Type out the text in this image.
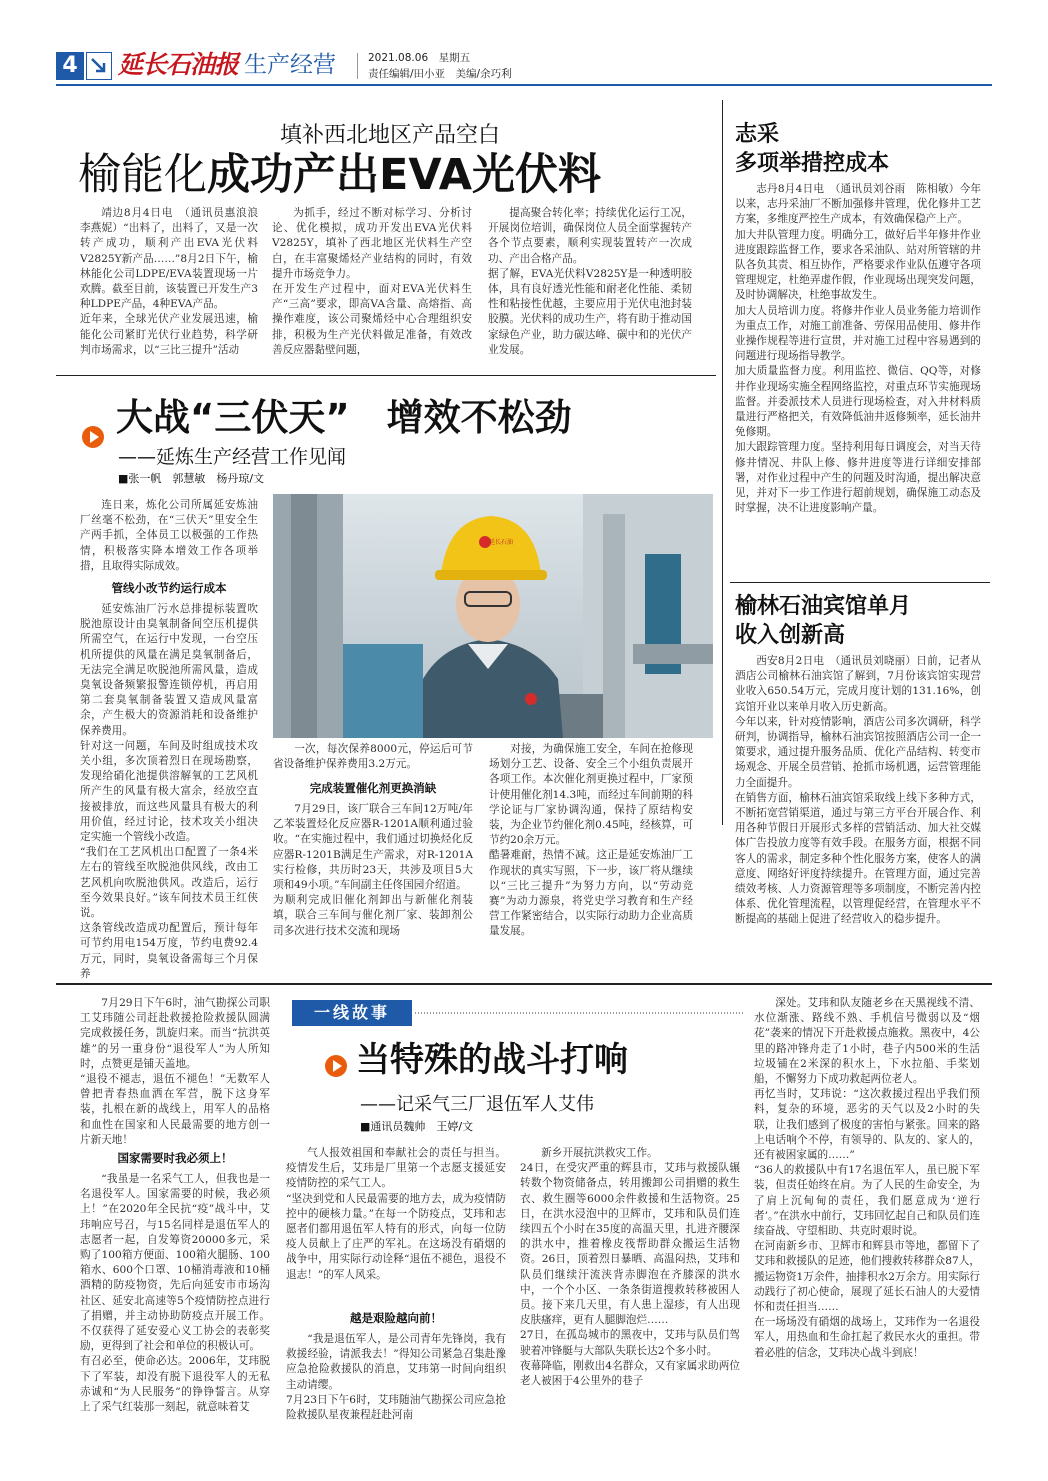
4 延长石油报 生产经营	2021.08.06　 星期五
责任编辑/田小亚　美编/余巧利
填补西北地区产品空白
榆能化成功产出EVA光伏料
靖边8月4日电　（通讯员惠浪浪　李燕妮）“出料了，出料了，又是一次转产成功，顺利产出EVA光伏料V2825Y新产品……”8月2日下午，榆林能化公司LDPE/EVA装置现场一片欢腾。截至目前，该装置已开发生产3种LDPE产品，4种EVA产品。
近年来，全球光伏产业发展迅速，榆能化公司紧盯光伏行业趋势，科学研判市场需求，以“三比三提升”活动
为抓手，经过不断对标学习、分析讨论、优化模拟，成功开发出EVA光伏料V2825Y，填补了西北地区光伏料生产空白，在丰富聚烯烃产业结构的同时，有效提升市场竞争力。
在开发生产过程中，面对EVA光伏料生产“三高”要求，即高VA含量、高熔指、高操作难度，该公司聚烯烃中心合理组织安排，积极为生产光伏料做足准备，有效改善反应器黏壁问题，
提高聚合转化率；持续优化运行工况，开展岗位培训，确保岗位人员全面掌握转产各个节点要素，顺利实现装置转产一次成功、产出合格产品。
据了解，EVA光伏料V2825Y是一种透明胶体，具有良好透光性能和耐老化性能、柔韧性和粘接性优越，主要应用于光伏电池封装胶膜。光伏料的成功生产，将有助于推动国家绿色产业，助力碳达峰、碳中和的光伏产业发展。
大战“三伏天”　增效不松劲
——延炼生产经营工作见闻
■张一帆　郭慧敏　杨丹琼/文
连日来，炼化公司所属延安炼油厂丝毫不松劲，在“三伏天”里安全生产两手抓，全体员工以极强的工作热情，积极落实降本增效工作各项举措，且取得实际成效。
管线小改节约运行成本
延安炼油厂污水总排提标装置吹脱池原设计由臭氧制备间空压机提供所需空气，在运行中发现，一台空压机所提供的风量在满足臭氧制备后，无法完全满足吹脱池所需风量，造成臭氧设备频繁报警连锁停机，再启用第二套臭氧制备装置又造成风量富余，产生极大的资源消耗和设备维护保养费用。
针对这一问题，车间及时组成技术攻关小组，多次顶着烈日在现场勘察，发现给硝化池提供溶解氧的工艺风机所产生的风量有极大富余，经放空直接被排放，而这些风量具有极大的利用价值，经过讨论，技术攻关小组决定实施一个管线小改造。
“我们在工艺风机出口配置了一条4米左右的管线至吹脱池供风线，改由工艺风机向吹脱池供风。改造后，运行至今效果良好。”该车间技术员王红侠说。
这条管线改造成功配置后，预计每年可节约用电154万度，节约电费92.4万元，同时，臭氧设备需每三个月保养
延长石油
一次，每次保养8000元，停运后可节省设备维护保养费用3.2万元。
完成装置催化剂更换消缺
7月29日，该厂联合三车间12万吨/年乙苯装置烃化反应器R-1201A顺利通过验收。“在实施过程中，我们通过切换烃化反应器R-1201B满足生产需求，对R-1201A实行检修，共历时23天，共涉及项目5大项和49小项。”车间副主任佟国园介绍道。
为顺利完成旧催化剂卸出与新催化剂装填，联合三车间与催化剂厂家、装卸剂公司多次进行技术交流和现场
对接，为确保施工安全，车间在抢修现场划分工艺、设备、安全三个小组负责展开各项工作。本次催化剂更换过程中，厂家预计使用催化剂14.3吨，而经过车间前期的科学论证与厂家协调沟通，保持了原结构安装，为企业节约催化剂0.45吨，经核算，可节约20余万元。
酷暑难耐，热情不减。这正是延安炼油厂工作现状的真实写照，下一步，该厂将从继续以“三比三提升”为努力方向，以“劳动竞赛”为动力源泉，将党史学习教育和生产经营工作紧密结合，以实际行动助力企业高质量发展。
志采
多项举措控成本
志丹8月4日电　（通讯员刘谷雨　陈相敏）今年以来，志丹采油厂不断加强修井管理，优化修井工艺方案，多维度严控生产成本，有效确保稳产上产。
加大井队管理力度。明确分工，做好后半年修井作业进度跟踪监督工作，要求各采油队、站对所管辖的井队各负其责、相互协作，严格要求作业队伍遵守各项管理规定，杜绝弄虚作假，作业现场出现突发问题，及时协调解决，杜绝事故发生。
加大人员培训力度。将修井作业人员业务能力培训作为重点工作，对施工前准备、劳保用品使用、修井作业操作规程等进行宣贯，并对施工过程中容易遇到的问题进行现场指导教学。
加大质量监督力度。利用监控、微信、QQ等，对修井作业现场实施全程网络监控，对重点环节实施现场监督。并委派技术人员进行现场检查，对入井材料质量进行严格把关，有效降低油井返修频率，延长油井免修期。
加大跟踪管理力度。坚持利用每日调度会，对当天待修井情况、井队上修、修井进度等进行详细安排部署，对作业过程中产生的问题及时沟通，提出解决意见，并对下一步工作进行超前规划，确保施工动态及时掌握，决不让进度影响产量。
榆林石油宾馆单月
收入创新高
西安8月2日电　（通讯员刘晓丽）日前，记者从酒店公司榆林石油宾馆了解到，7月份该宾馆实现营业收入650.54万元，完成月度计划的131.16%，创宾馆开业以来单月收入历史新高。
今年以来，针对疫情影响，酒店公司多次调研，科学研判，协调指导，榆林石油宾馆按照酒店公司一企一策要求，通过提升服务品质、优化产品结构、转变市场观念、开展全员营销、抢抓市场机遇，运营管理能力全面提升。
在销售方面，榆林石油宾馆采取线上线下多种方式，不断拓宽营销渠道，通过与第三方平台开展合作、利用各种节假日开展形式多样的营销活动、加大社交媒体广告投放力度等有效手段。在服务方面，根据不同客人的需求，制定多种个性化服务方案，使客人的满意度、网络好评度持续提升。在管理方面，通过完善绩效考核、人力资源管理等多项制度，不断完善内控体系、优化管理流程，以管理促经营，在管理水平不断提高的基础上促进了经营收入的稳步提升。
7月29日下午6时，油气勘探公司职工艾玮随公司赶赴救援抢险救援队圆满完成救援任务，凯旋归来。而当“抗洪英雄”的另一重身份“退役军人”为人所知时，点赞更是铺天盖地。
“退役不褪志，退伍不褪色！”无数军人曾把青春热血洒在军营，脱下这身军装，扎根在新的战线上，用军人的品格和血性在国家和人民最需要的地方创一片新天地！
国家需要时我必须上！
“我虽是一名采气工人，但我也是一名退役军人。国家需要的时候，我必须上！”在2020年全民抗“疫”战斗中，艾玮响应号召，与15名同样是退伍军人的志愿者一起，自发筹资20000多元，采购了100箱方便面、100箱火腿肠、100箱水、600个口罩、10桶消毒液和10桶酒精的防疫物资，先后向延安市市场沟社区、延安北高速等5个疫情防控点进行了捐赠，并主动协助防疫点开展工作。不仅获得了延安爱心义工协会的表彰奖励，更得到了社会和单位的积极认可。
有召必至，使命必达。2006年，艾玮脱下了军装，却没有脱下退役军人的无私赤诚和“为人民服务”的铮铮誓言。从穿上了采气红装那一刻起，就意味着艾
一线故事
当特殊的战斗打响
——记采气三厂退伍军人艾伟
■通讯员魏帅　王婷/文
气人报效祖国和奉献社会的责任与担当。疫情发生后，艾玮是厂里第一个志愿支援延安疫情防控的采气工人。
“坚决到党和人民最需要的地方去，成为疫情防控中的硬核力量。”在每一个防疫点，艾玮和志愿者们都用退伍军人特有的形式，向每一位防疫人员献上了庄严的军礼。在这场没有硝烟的战争中，用实际行动诠释“退伍不褪色，退役不退志！”的军人风采。
越是艰险越向前！
“我是退伍军人，是公司青年先锋岗，我有救援经验，请派我去！”得知公司紧急召集赴豫应急抢险救援队的消息，艾玮第一时间向组织主动请缨。
7月23日下午6时，艾玮随油气勘探公司应急抢险救援队星夜兼程赶赴河南
新乡开展抗洪救灾工作。
24日，在受灾严重的辉县市，艾玮与救援队辗转数个物资储备点，转用搬卸公司捐赠的救生衣、救生圈等6000余件救援和生活物资。25日，在洪水浸泡中的卫辉市，艾玮和队员们连续四五个小时在35度的高温天里，扎进齐腰深的洪水中，推着橡皮筏帮助群众搬运生活物资。26日，顶着烈日暴晒、高温闷热，艾玮和队员们继续汗流浃背赤脚泡在齐膝深的洪水中，一个个小区、一条条街道搜救转移被困人员。接下来几天里，有人患上湿疹，有人出现皮肤瘙痒，更有人腿脚泡烂……
27日，在孤岛城市的黑夜中，艾玮与队员们驾驶着冲锋艇与大部队失联长达2个多小时。
夜幕降临，刚救出4名群众，又有家属求助两位老人被困于4公里外的巷子
深处。艾玮和队友随老乡在天黑视线不清、水位渐涨、路线不熟、手机信号微弱以及“烟花”袭来的情况下开赴救援点施救。黑夜中，4公里的路冲锋舟走了1小时，巷子内500米的生活垃圾铺在2米深的积水上，下水拉船、手桨划船，不懈努力下成功救起两位老人。
再忆当时，艾玮说：“这次救援过程出乎我们预料，复杂的环境，恶劣的天气以及2小时的失联，让我们感到了极度的害怕与紧张。回来的路上电话响个不停，有领导的、队友的、家人的，还有被困家属的……”
“36人的救援队中有17名退伍军人，虽已脱下军装，但责任始终在肩。为了人民的生命安全，为了肩上沉甸甸的责任，我们愿意成为‘逆行者’。”在洪水中前行，艾玮回忆起自己和队员们连续奋战、守望相助、共克时艰时说。
在河南新乡市、卫辉市和辉县市等地，都留下了艾玮和救援队的足迹，他们搜救转移群众87人，搬运物资1万余件，抽排积水2万余方。用实际行动践行了初心使命，展现了延长石油人的大爱情怀和责任担当……
在一场场没有硝烟的战场上，艾玮作为一名退役军人，用热血和生命扛起了救民水火的重担。带着必胜的信念，艾玮决心战斗到底！
